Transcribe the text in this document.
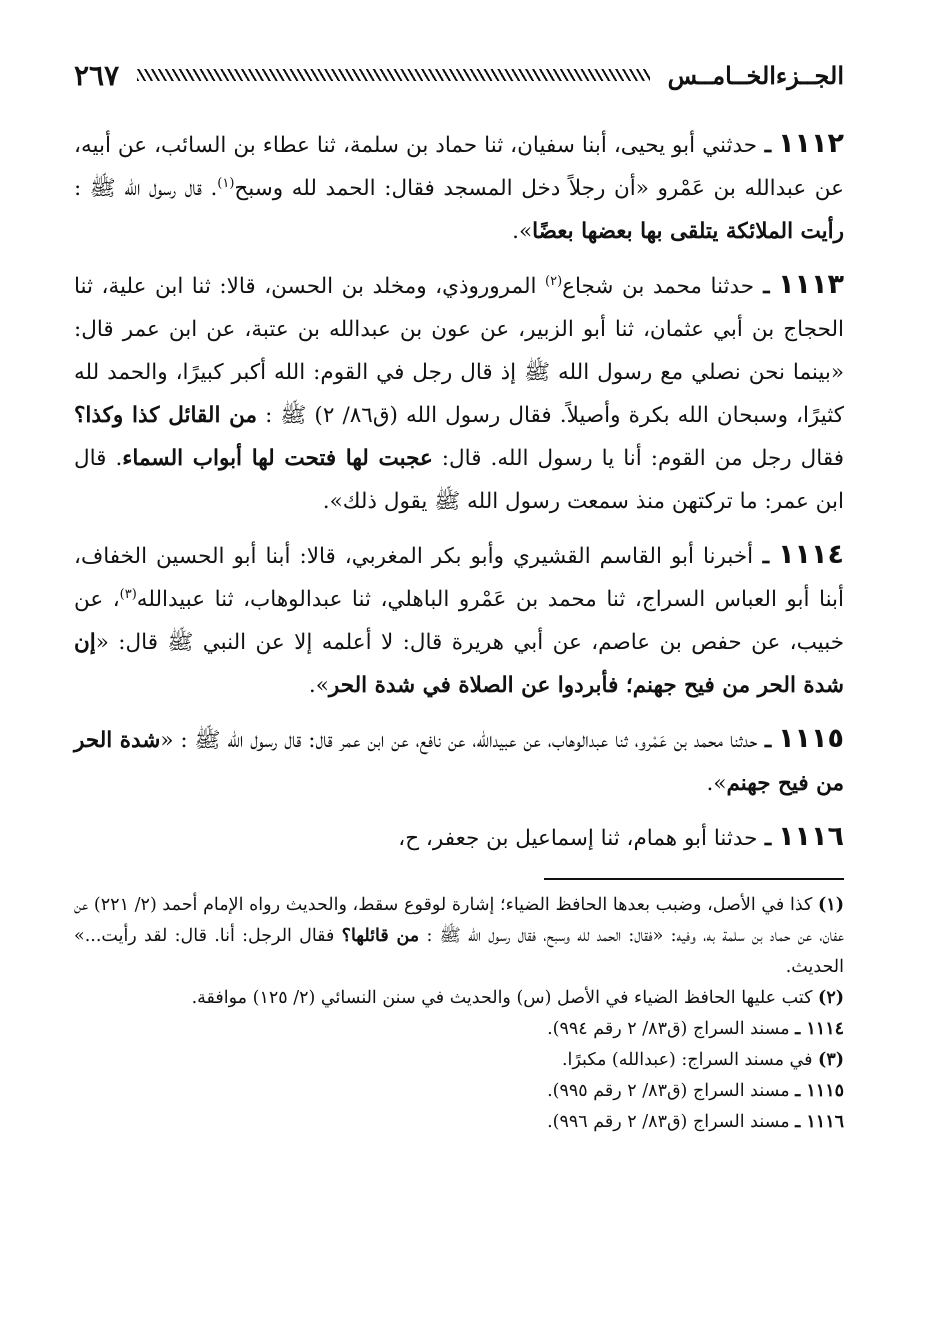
الجــزءالخــامــس
٢٦٧

١١١٢ ـ حدثني أبو يحيى، أبنا سفيان، ثنا حماد بن سلمة، ثنا عطاء بن السائب، عن أبيه، عن عبدالله بن عَمْرو «أن رجلاً دخل المسجد فقال: الحمد لله وسبح$^{(١)}$. قال رسول الله ﷺ : رأيت الملائكة يتلقى بها بعضها بعضًا».

١١١٣ ـ حدثنا محمد بن شجاع$^{(٢)}$ المروروذي، ومخلد بن الحسن، قالا: ثنا ابن علية، ثنا الحجاج بن أبي عثمان، ثنا أبو الزبير، عن عون بن عبدالله بن عتبة، عن ابن عمر قال: «بينما نحن نصلي مع رسول الله ﷺ إذ قال رجل في القوم: الله أكبر كبيرًا، والحمد لله كثيرًا، وسبحان الله بكرة وأصيلاً. فقال رسول الله (ق٨٦/ ٢) ﷺ : من القائل كذا وكذا؟ فقال رجل من القوم: أنا يا رسول الله. قال: عجبت لها فتحت لها أبواب السماء. قال ابن عمر: ما تركتهن منذ سمعت رسول الله ﷺ يقول ذلك».

١١١٤ ـ أخبرنا أبو القاسم القشيري وأبو بكر المغربي، قالا: أبنا أبو الحسين الخفاف، أبنا أبو العباس السراج، ثنا محمد بن عَمْرو الباهلي، ثنا عبدالوهاب، ثنا عبيدالله$^{(٣)}$، عن خبيب، عن حفص بن عاصم، عن أبي هريرة قال: لا أعلمه إلا عن النبي ﷺ قال: «إن شدة الحر من فيح جهنم؛ فأبردوا عن الصلاة في شدة الحر».

١١١٥ ـ حدثنا محمد بن عَمْرو، ثنا عبدالوهاب، عن عبيدالله، عن نافع، عن ابن عمر قال: قال رسول الله ﷺ : «شدة الحر من فيح جهنم».

١١١٦ ـ حدثنا أبو همام، ثنا إسماعيل بن جعفر، ح،

(١) كذا في الأصل، وضبب بعدها الحافظ الضياء؛ إشارة لوقوع سقط، والحديث رواه الإمام أحمد (٢/ ٢٢١) عن عفان، عن حماد بن سلمة به، وفيه: «فقال: الحمد لله وسبح، فقال رسول الله ﷺ : من قائلها؟ فقال الرجل: أنا. قال: لقد رأيت...» الحديث.

(٢) كتب عليها الحافظ الضياء في الأصل (س) والحديث في سنن النسائي (٢/ ١٢٥) موافقة.

١١١٤ ـ مسند السراج (ق٨٣/ ٢ رقم ٩٩٤).

(٣) في مسند السراج: (عبدالله) مكبرًا.

١١١٥ ـ مسند السراج (ق٨٣/ ٢ رقم ٩٩٥).

١١١٦ ـ مسند السراج (ق٨٣/ ٢ رقم ٩٩٦).
